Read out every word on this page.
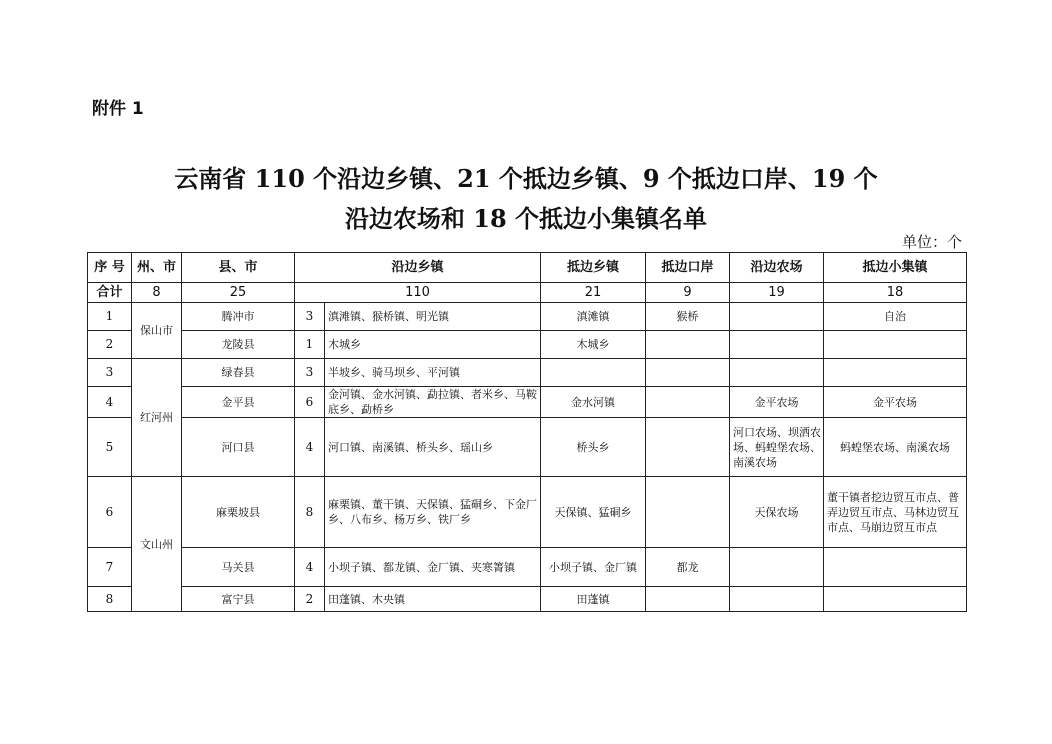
附件 1
云南省 110 个沿边乡镇、21 个抵边乡镇、9 个抵边口岸、19 个
沿边农场和 18 个抵边小集镇名单
单位：个
序 号	州、市	县、市	沿边乡镇		抵边乡镇	抵边口岸	沿边农场	抵边小集镇
合计	8	25	110		21	9	19	18
1	保山市	腾冲市	3	滇滩镇、猴桥镇、明光镇	滇滩镇	猴桥		自治
2		龙陵县	1	木城乡	木城乡			
3	红河州	绿春县	3	半坡乡、骑马坝乡、平河镇				
4		金平县	6	金河镇、金水河镇、勐拉镇、者米乡、马鞍底乡、勐桥乡	金水河镇		金平农场	金平农场
5		河口县	4	河口镇、南溪镇、桥头乡、瑶山乡	桥头乡		河口农场、坝洒农场、蚂蝗堡农场、南溪农场	蚂蝗堡农场、南溪农场
6	文山州	麻栗坡县	8	麻栗镇、董干镇、天保镇、猛硐乡、下金厂乡、八布乡、杨万乡、铁厂乡	天保镇、猛硐乡		天保农场	董干镇者挖边贸互市点、普弄边贸互市点、马林边贸互市点、马崩边贸互市点
7		马关县	4	小坝子镇、都龙镇、金厂镇、夹寒箐镇	小坝子镇、金厂镇	都龙		
8		富宁县	2	田蓬镇、木央镇	田蓬镇			
